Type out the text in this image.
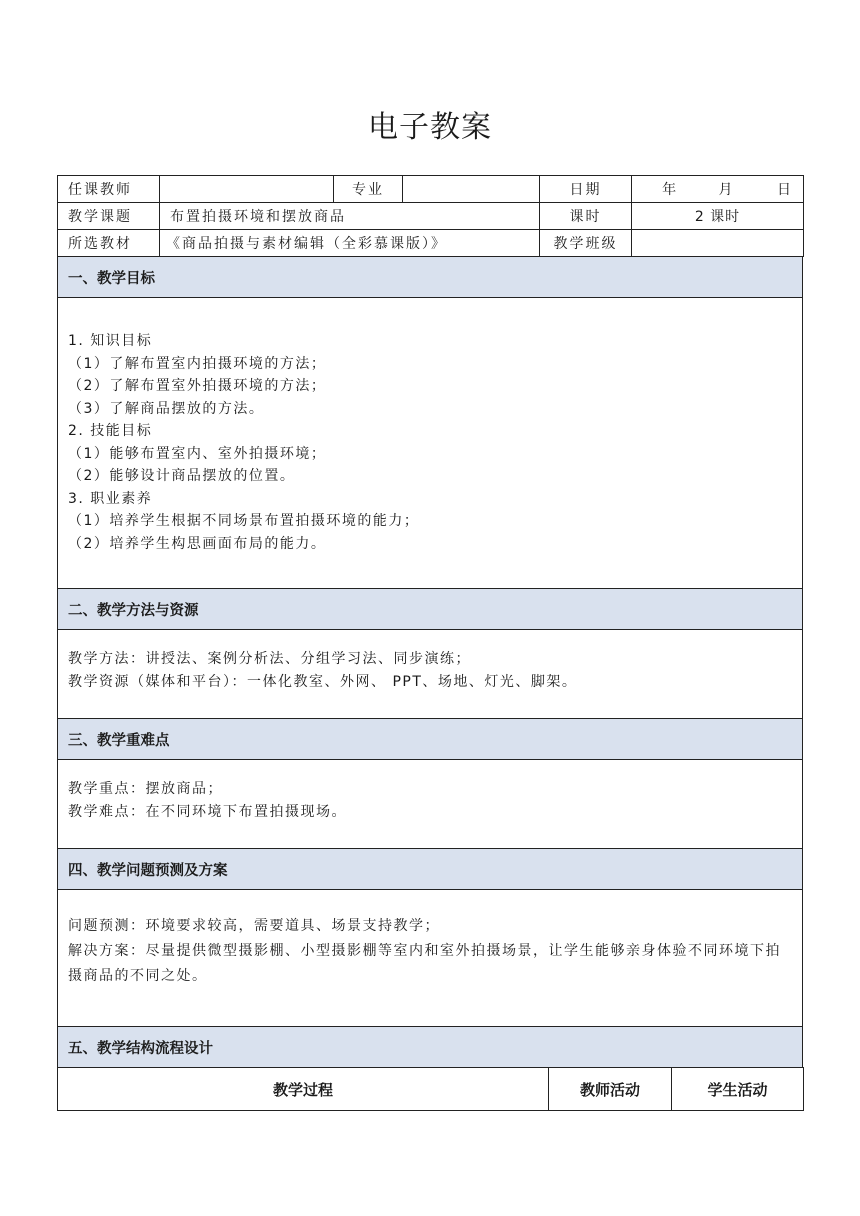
电子教案
任课教师		专业		日期	年 月 日
教学课题	布置拍摄环境和摆放商品			课时	2 课时
所选教材	《商品拍摄与素材编辑（全彩慕课版）》			教学班级	
一、教学目标

1. 知识目标
（1）了解布置室内拍摄环境的方法；
（2）了解布置室外拍摄环境的方法；
（3）了解商品摆放的方法。
2. 技能目标
（1）能够布置室内、室外拍摄环境；
（2）能够设计商品摆放的位置。
3. 职业素养
（1）培养学生根据不同场景布置拍摄环境的能力；
（2）培养学生构思画面布局的能力。

二、教学方法与资源

教学方法：讲授法、案例分析法、分组学习法、同步演练；
教学资源（媒体和平台）：一体化教室、外网、 PPT、场地、灯光、脚架。

三、教学重难点

教学重点：摆放商品；
教学难点：在不同环境下布置拍摄现场。

四、教学问题预测及方案

问题预测：环境要求较高，需要道具、场景支持教学；
解决方案：尽量提供微型摄影棚、小型摄影棚等室内和室外拍摄场景，让学生能够亲身体验不同环境下拍摄商品的不同之处。

五、教学结构流程设计
教学过程	教师活动	学生活动
